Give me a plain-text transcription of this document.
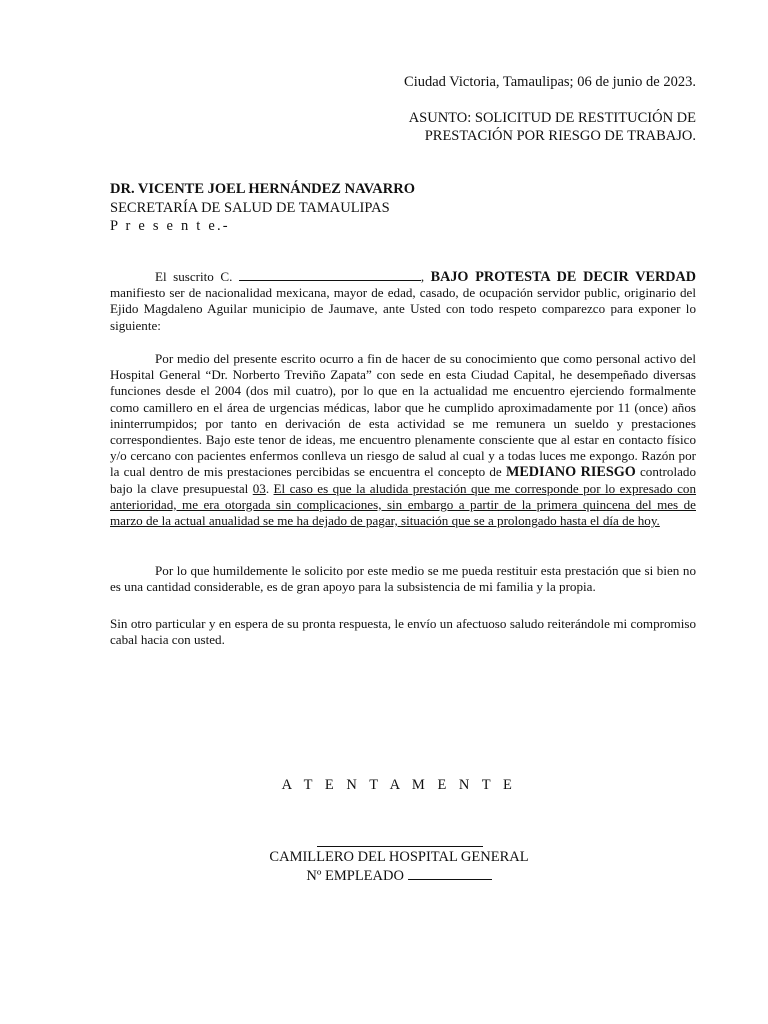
Ciudad Victoria, Tamaulipas; 06 de junio de 2023.
ASUNTO: SOLICITUD DE RESTITUCIÓN DE
PRESTACIÓN POR RIESGO DE TRABAJO.
DR. VICENTE JOEL HERNÁNDEZ NAVARRO
SECRETARÍA DE SALUD DE TAMAULIPAS
P r e s e n t e.-

El suscrito C.	, BAJO PROTESTA DE DECIR VERDAD manifiesto ser de nacionalidad mexicana, mayor de edad, casado, de ocupación servidor public, originario del Ejido Magdaleno Aguilar municipio de Jaumave, ante Usted con todo respeto comparezco para exponer lo siguiente:

Por medio del presente escrito ocurro a fin de hacer de su conocimiento que como personal activo del Hospital General “Dr. Norberto Treviño Zapata” con sede en esta Ciudad Capital, he desempeñado diversas funciones desde el 2004 (dos mil cuatro), por lo que en la actualidad me encuentro ejerciendo formalmente como camillero en el área de urgencias médicas, labor que he cumplido aproximadamente por 11 (once) años ininterrumpidos; por tanto en derivación de esta actividad se me remunera un sueldo y prestaciones correspondientes. Bajo este tenor de ideas, me encuentro plenamente consciente que al estar en contacto físico y/o cercano con pacientes enfermos conlleva un riesgo de salud al cual y a todas luces me expongo. Razón por la cual dentro de mis prestaciones percibidas se encuentra el concepto de MEDIANO RIESGO controlado bajo la clave presupuestal 03. El caso es que la aludida prestación que me corresponde por lo expresado con anterioridad, me era otorgada sin complicaciones, sin embargo a partir de la primera quincena del mes de marzo de la actual anualidad se me ha dejado de pagar, situación que se a prolongado hasta el día de hoy.

Por lo que humildemente le solicito por este medio se me pueda restituir esta prestación que si bien no es una cantidad considerable, es de gran apoyo para la subsistencia de mi familia y la propia.

Sin otro particular y en espera de su pronta respuesta, le envío un afectuoso saludo reiterándole mi compromiso cabal hacia con usted.

A T E N T A M E N T E
CAMILLERO DEL HOSPITAL GENERAL
Nº EMPLEADO
